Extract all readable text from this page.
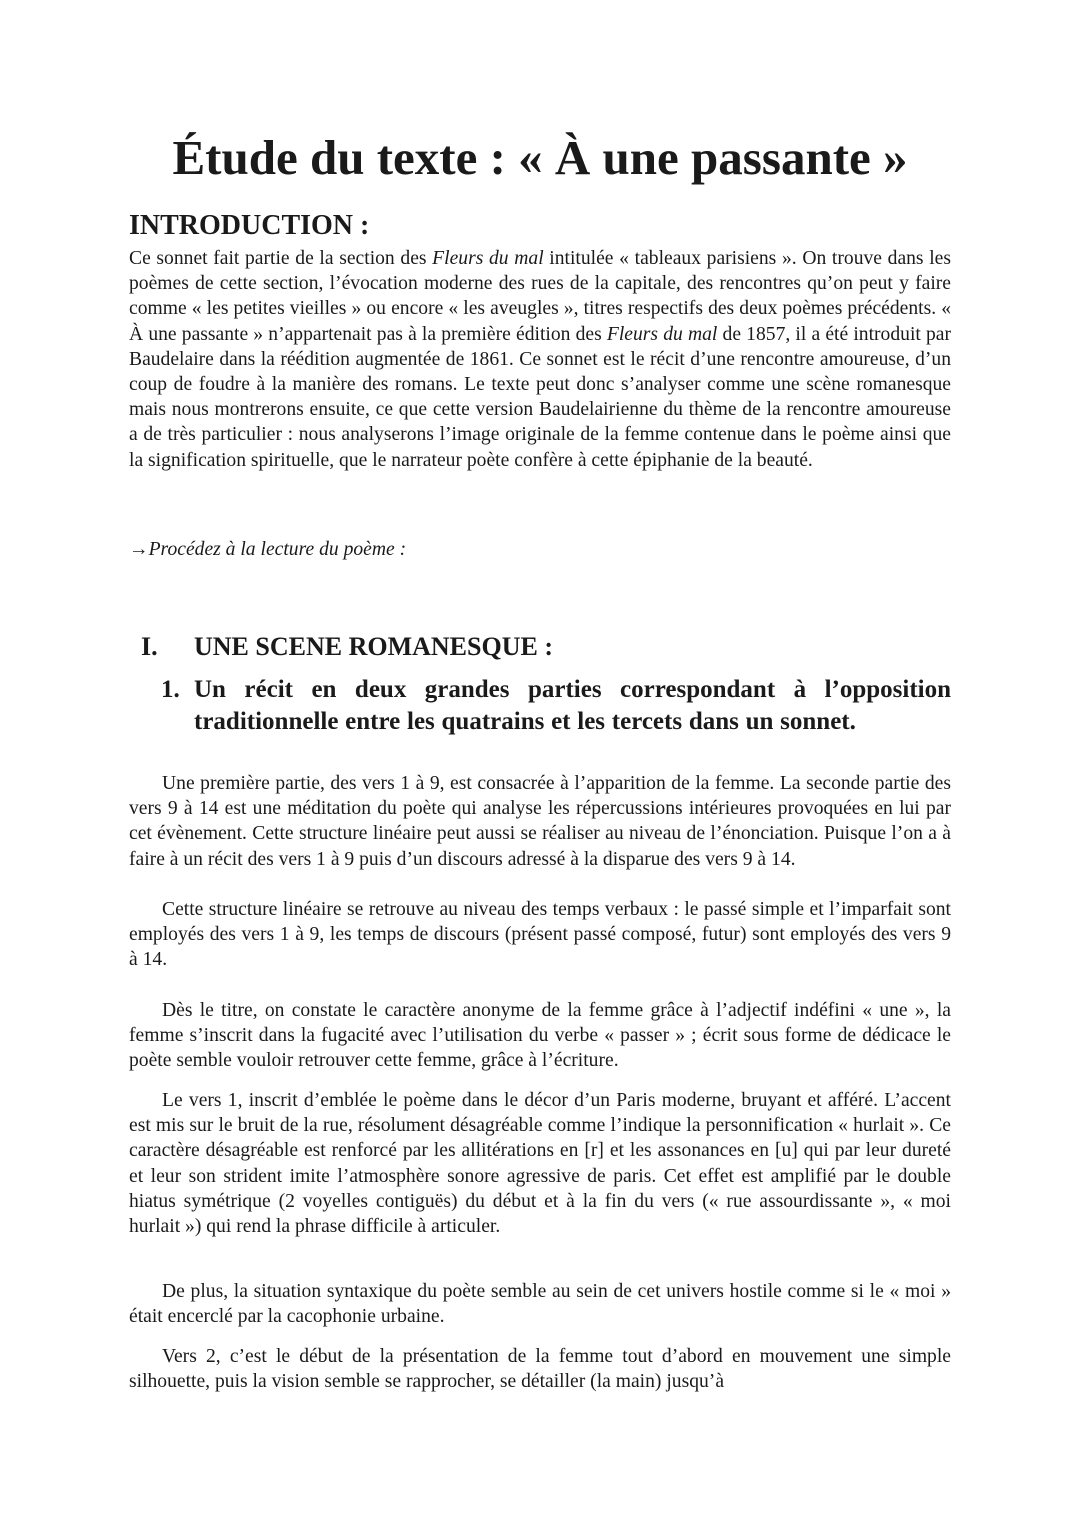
Étude du texte : « À une passante »
INTRODUCTION :

Ce sonnet fait partie de la section des Fleurs du mal intitulée « tableaux parisiens ». On trouve dans les poèmes de cette section, l’évocation moderne des rues de la capitale, des rencontres qu’on peut y faire comme « les petites vieilles » ou encore « les aveugles », titres respectifs des deux poèmes précédents. « À une passante » n’appartenait pas à la première édition des Fleurs du mal de 1857, il a été introduit par Baudelaire dans la réédition augmentée de 1861. Ce sonnet est le récit d’une rencontre amoureuse, d’un coup de foudre à la manière des romans. Le texte peut donc s’analyser comme une scène romanesque mais nous montrerons ensuite, ce que cette version Baudelairienne du thème de la rencontre amoureuse a de très particulier : nous analyserons l’image originale de la femme contenue dans le poème ainsi que la signification spirituelle, que le narrateur poète confère à cette épiphanie de la beauté.

→Procédez à la lecture du poème :

I. UNE SCENE ROMANESQUE :
1. Un récit en deux grandes parties correspondant à l’opposition traditionnelle entre les quatrains et les tercets dans un sonnet.

Une première partie, des vers 1 à 9, est consacrée à l’apparition de la femme. La seconde partie des vers 9 à 14 est une méditation du poète qui analyse les répercussions intérieures provoquées en lui par cet évènement. Cette structure linéaire peut aussi se réaliser au niveau de l’énonciation. Puisque l’on a à faire à un récit des vers 1 à 9 puis d’un discours adressé à la disparue des vers 9 à 14.

Cette structure linéaire se retrouve au niveau des temps verbaux : le passé simple et l’imparfait sont employés des vers 1 à 9, les temps de discours (présent passé composé, futur) sont employés des vers 9 à 14.

Dès le titre, on constate le caractère anonyme de la femme grâce à l’adjectif indéfini « une », la femme s’inscrit dans la fugacité avec l’utilisation du verbe « passer » ; écrit sous forme de dédicace le poète semble vouloir retrouver cette femme, grâce à l’écriture.

Le vers 1, inscrit d’emblée le poème dans le décor d’un Paris moderne, bruyant et afféré. L’accent est mis sur le bruit de la rue, résolument désagréable comme l’indique la personnification « hurlait ». Ce caractère désagréable est renforcé par les allitérations en [r] et les assonances en [u] qui par leur dureté et leur son strident imite l’atmosphère sonore agressive de paris. Cet effet est amplifié par le double hiatus symétrique (2 voyelles contiguës) du début et à la fin du vers (« rue assourdissante », « moi hurlait ») qui rend la phrase difficile à articuler.

De plus, la situation syntaxique du poète semble au sein de cet univers hostile comme si le « moi » était encerclé par la cacophonie urbaine.

Vers 2, c’est le début de la présentation de la femme tout d’abord en mouvement une simple silhouette, puis la vision semble se rapprocher, se détailler (la main) jusqu’à
